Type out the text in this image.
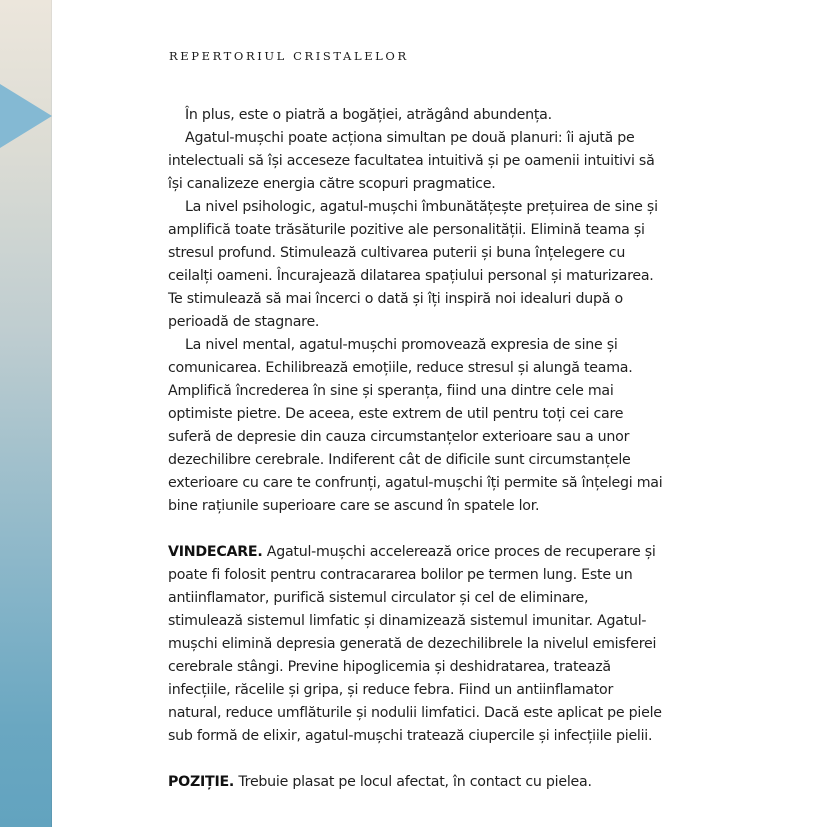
REPERTORIUL CRISTALELOR
În plus, este o piatră a bogăției, atrăgând abundența.
Agatul-mușchi poate acționa simultan pe două planuri: îi ajută pe
intelectuali să își acceseze facultatea intuitivă și pe oamenii intuitivi să
își canalizeze energia către scopuri pragmatice.
La nivel psihologic, agatul-mușchi îmbunătățește prețuirea de sine și
amplifică toate trăsăturile pozitive ale personalității. Elimină teama și
stresul profund. Stimulează cultivarea puterii și buna înțelegere cu
ceilalți oameni. Încurajează dilatarea spațiului personal și maturizarea.
Te stimulează să mai încerci o dată și îți inspiră noi idealuri după o
perioadă de stagnare.
La nivel mental, agatul-mușchi promovează expresia de sine și
comunicarea. Echilibrează emoțiile, reduce stresul și alungă teama.
Amplifică încrederea în sine și speranța, fiind una dintre cele mai
optimiste pietre. De aceea, este extrem de util pentru toți cei care
suferă de depresie din cauza circumstanțelor exterioare sau a unor
dezechilibre cerebrale. Indiferent cât de dificile sunt circumstanțele
exterioare cu care te confrunți, agatul-mușchi îți permite să înțelegi mai
bine rațiunile superioare care se ascund în spatele lor.
VINDECARE. Agatul-mușchi accelerează orice proces de recuperare și
poate fi folosit pentru contracararea bolilor pe termen lung. Este un
antiinflamator, purifică sistemul circulator și cel de eliminare,
stimulează sistemul limfatic și dinamizează sistemul imunitar. Agatul-
mușchi elimină depresia generată de dezechilibrele la nivelul emisferei
cerebrale stângi. Previne hipoglicemia și deshidratarea, tratează
infecțiile, răcelile și gripa, și reduce febra. Fiind un antiinflamator
natural, reduce umflăturile și nodulii limfatici. Dacă este aplicat pe piele
sub formă de elixir, agatul-mușchi tratează ciupercile și infecțiile pielii.
POZIȚIE. Trebuie plasat pe locul afectat, în contact cu pielea.
